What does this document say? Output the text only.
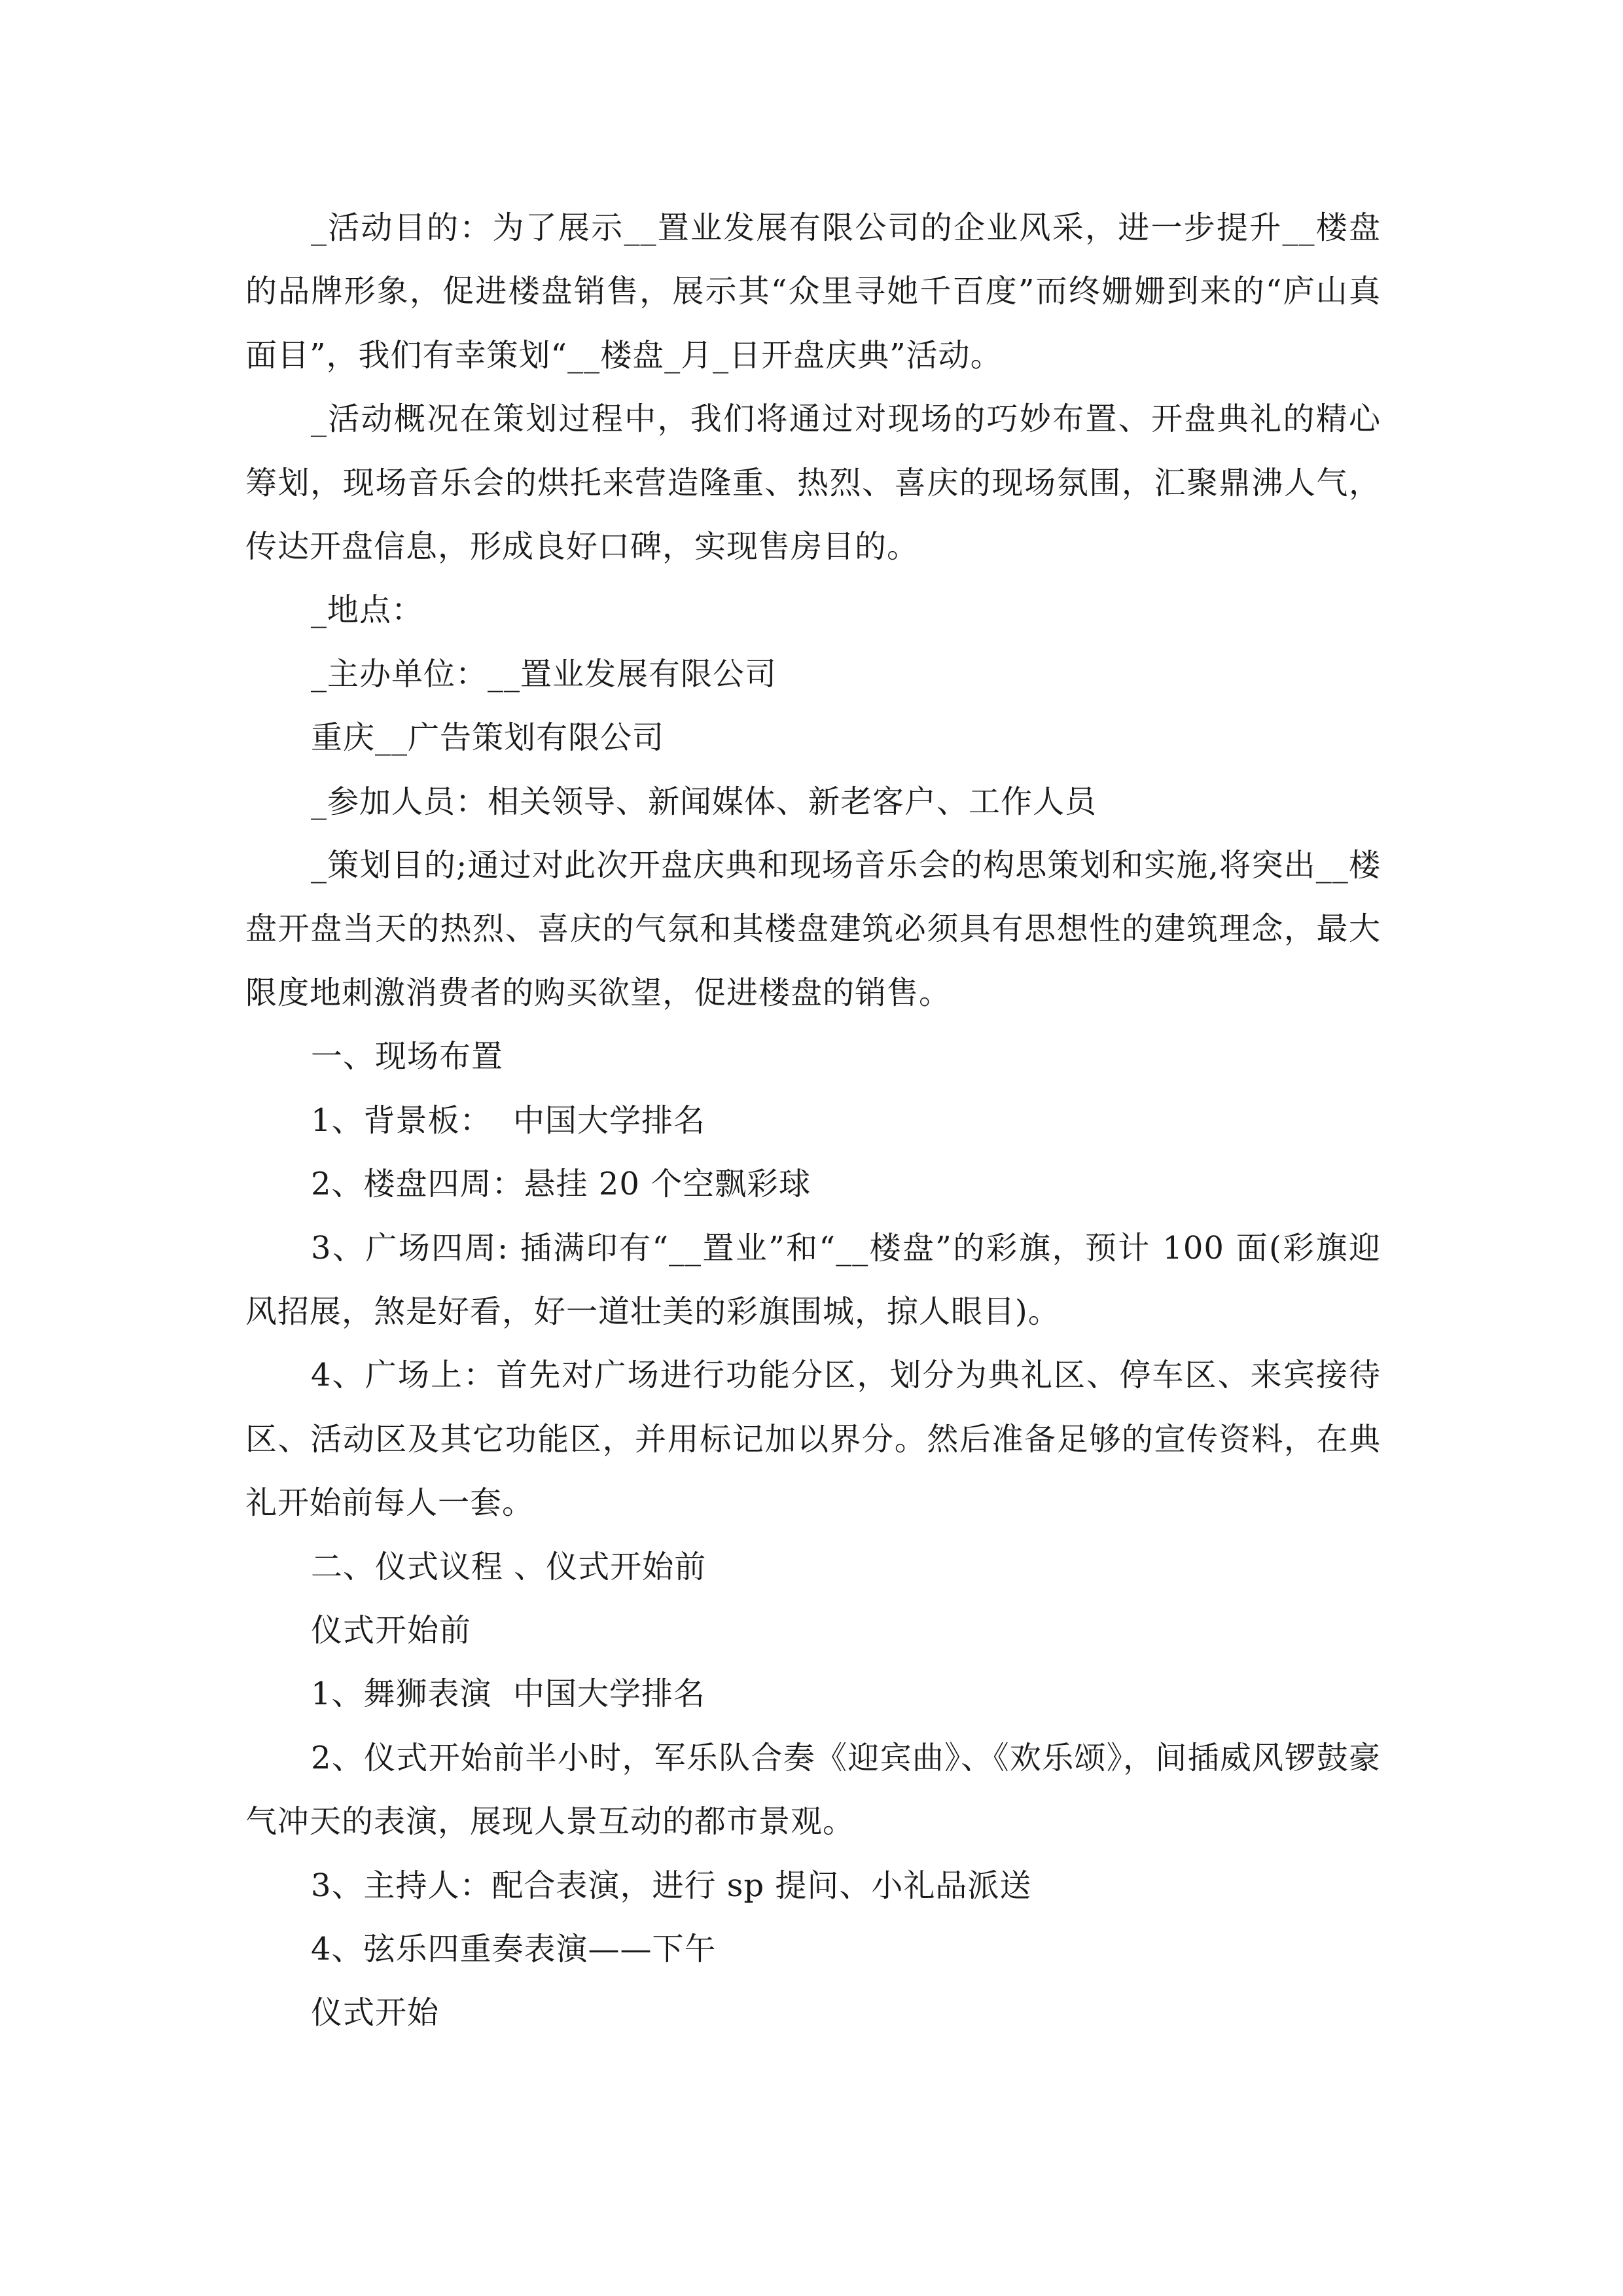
_活动目的：为了展示__置业发展有限公司的企业风采，进一步提升__楼盘的品牌形象，促进楼盘销售，展示其“众里寻她千百度”而终姗姗到来的“庐山真面目”，我们有幸策划“__楼盘_月_日开盘庆典”活动。

_活动概况在策划过程中，我们将通过对现场的巧妙布置、开盘典礼的精心筹划，现场音乐会的烘托来营造隆重、热烈、喜庆的现场氛围，汇聚鼎沸人气，传达开盘信息，形成良好口碑，实现售房目的。

_地点：

_主办单位：__置业发展有限公司

重庆__广告策划有限公司

_参加人员：相关领导、新闻媒体、新老客户、工作人员

_策划目的;通过对此次开盘庆典和现场音乐会的构思策划和实施,将突出__楼盘开盘当天的热烈、喜庆的气氛和其楼盘建筑必须具有思想性的建筑理念，最大限度地刺激消费者的购买欲望，促进楼盘的销售。

一、现场布置

1、背景板：  中国大学排名

2、楼盘四周：悬挂 20 个空飘彩球

3、广场四周: 插满印有“__置业”和“__楼盘”的彩旗，预计 100 面(彩旗迎风招展，煞是好看，好一道壮美的彩旗围城，掠人眼目)。

4、广场上：首先对广场进行功能分区，划分为典礼区、停车区、来宾接待区、活动区及其它功能区，并用标记加以界分。然后准备足够的宣传资料，在典礼开始前每人一套。

二、仪式议程 、仪式开始前

仪式开始前

1、舞狮表演  中国大学排名

2、仪式开始前半小时，军乐队合奏《迎宾曲》、《欢乐颂》，间插威风锣鼓豪气冲天的表演，展现人景互动的都市景观。

3、主持人：配合表演，进行 sp 提问、小礼品派送

4、弦乐四重奏表演——下午

仪式开始
